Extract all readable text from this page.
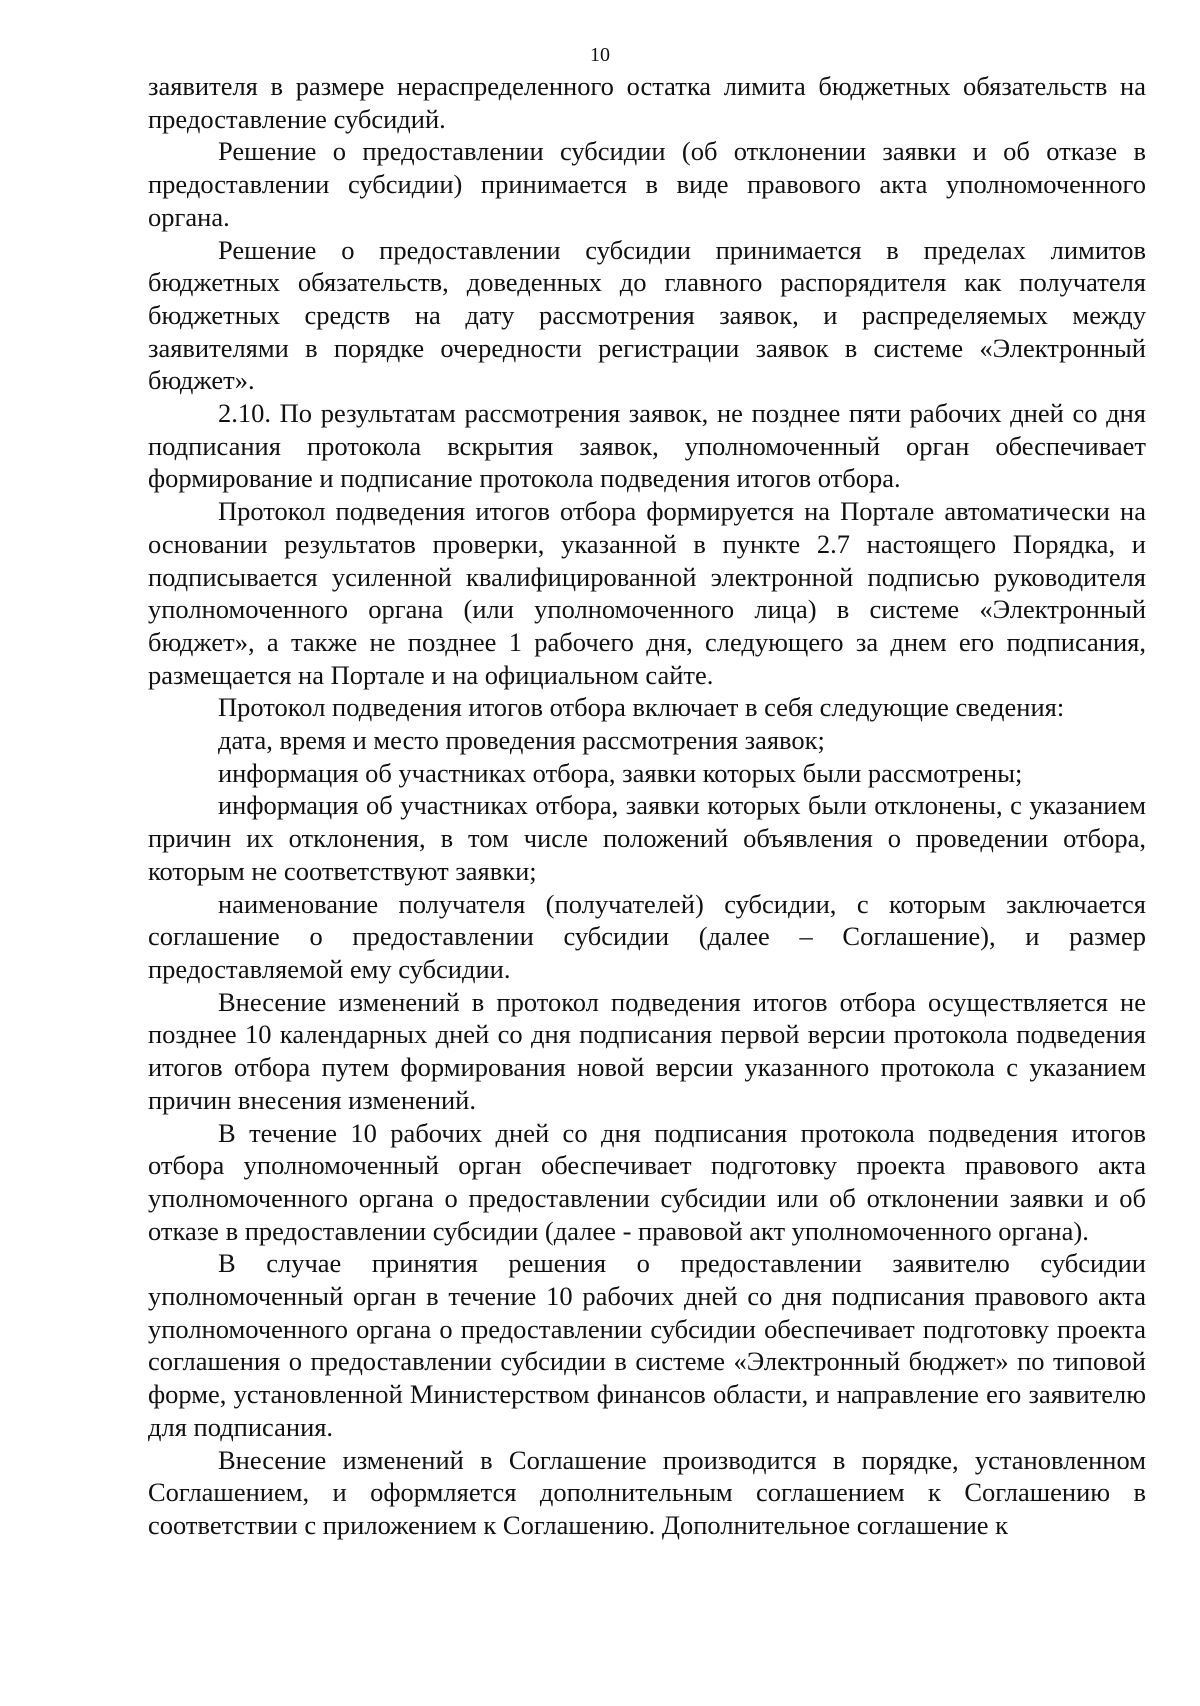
10

заявителя в размере нераспределенного остатка лимита бюджетных обязательств на предоставление субсидий.

Решение о предоставлении субсидии (об отклонении заявки и об отказе в предоставлении субсидии) принимается в виде правового акта уполномоченного органа.

Решение о предоставлении субсидии принимается в пределах лимитов бюджетных обязательств, доведенных до главного распорядителя как получателя бюджетных средств на дату рассмотрения заявок, и распределяемых между заявителями в порядке очередности регистрации заявок в системе «Электронный бюджет».

2.10. По результатам рассмотрения заявок, не позднее пяти рабочих дней со дня подписания протокола вскрытия заявок, уполномоченный орган обеспечивает формирование и подписание протокола подведения итогов отбора.

Протокол подведения итогов отбора формируется на Портале автоматически на основании результатов проверки, указанной в пункте 2.7 настоящего Порядка, и подписывается усиленной квалифицированной электронной подписью руководителя уполномоченного органа (или уполномоченного лица) в системе «Электронный бюджет», а также не позднее 1 рабочего дня, следующего за днем его подписания, размещается на Портале и на официальном сайте.

Протокол подведения итогов отбора включает в себя следующие сведения:

дата, время и место проведения рассмотрения заявок;

информация об участниках отбора, заявки которых были рассмотрены;

информация об участниках отбора, заявки которых были отклонены, с указанием причин их отклонения, в том числе положений объявления о проведении отбора, которым не соответствуют заявки;

наименование получателя (получателей) субсидии, с которым заключается соглашение о предоставлении субсидии (далее – Соглашение), и размер предоставляемой ему субсидии.

Внесение изменений в протокол подведения итогов отбора осуществляется не позднее 10 календарных дней со дня подписания первой версии протокола подведения итогов отбора путем формирования новой версии указанного протокола с указанием причин внесения изменений.

В течение 10 рабочих дней со дня подписания протокола подведения итогов отбора уполномоченный орган обеспечивает подготовку проекта правового акта уполномоченного органа о предоставлении субсидии или об отклонении заявки и об отказе в предоставлении субсидии (далее - правовой акт уполномоченного органа).

В случае принятия решения о предоставлении заявителю субсидии уполномоченный орган в течение 10 рабочих дней со дня подписания правового акта уполномоченного органа о предоставлении субсидии обеспечивает подготовку проекта соглашения о предоставлении субсидии в системе «Электронный бюджет» по типовой форме, установленной Министерством финансов области, и направление его заявителю для подписания.

Внесение изменений в Соглашение производится в порядке, установленном Соглашением, и оформляется дополнительным соглашением к Соглашению в соответствии с приложением к Соглашению. Дополнительное соглашение к
